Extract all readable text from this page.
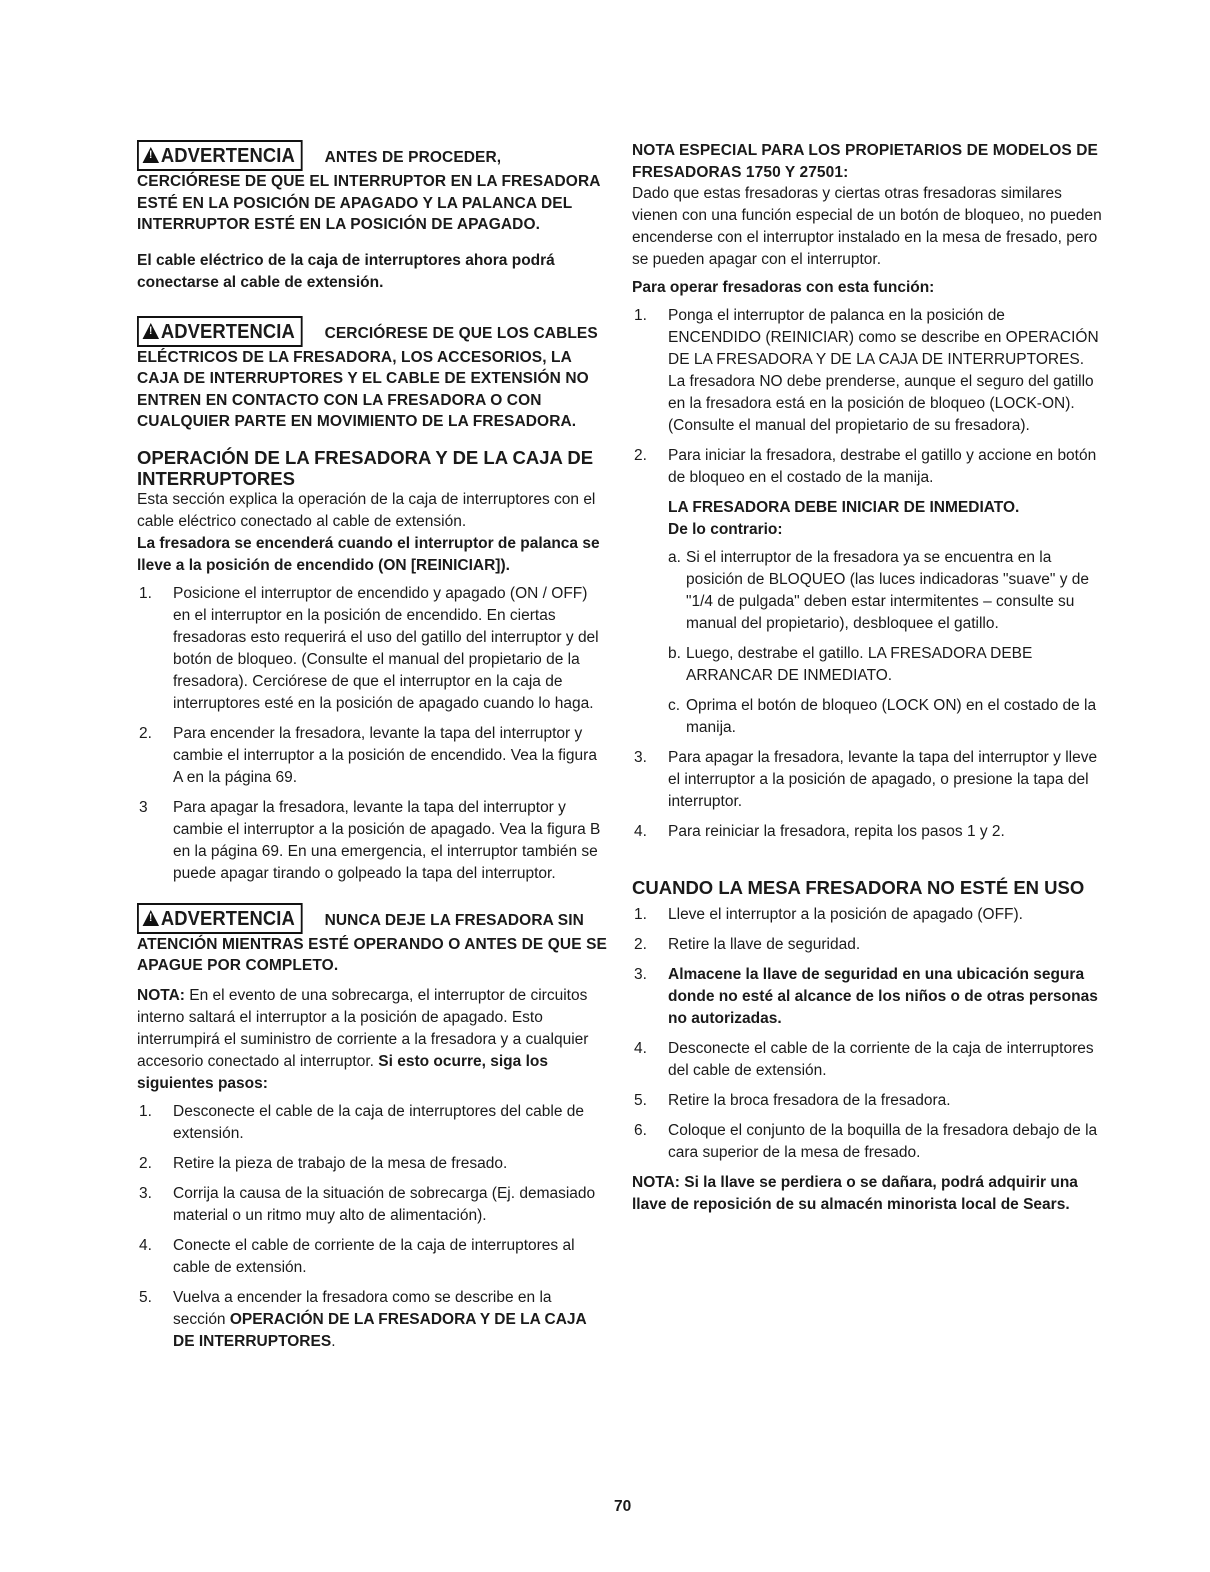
!ADVERTENCIA ANTES DE PROCEDER, CERCIÓRESE DE QUE EL INTERRUPTOR EN LA FRESADORA ESTÉ EN LA POSICIÓN DE APAGADO Y LA PALANCA DEL INTERRUPTOR ESTÉ EN LA POSICIÓN DE APAGADO.

El cable eléctrico de la caja de interruptores ahora podrá conectarse al cable de extensión.

!ADVERTENCIA CERCIÓRESE DE QUE LOS CABLES ELÉCTRICOS DE LA FRESADORA, LOS ACCESORIOS, LA CAJA DE INTERRUPTORES Y EL CABLE DE EXTENSIÓN NO ENTREN EN CONTACTO CON LA FRESADORA O CON CUALQUIER PARTE EN MOVIMIENTO DE LA FRESADORA.

OPERACIÓN DE LA FRESADORA Y DE LA CAJA DE INTERRUPTORES

Esta sección explica la operación de la caja de interruptores con el cable eléctrico conectado al cable de extensión.

La fresadora se encenderá cuando el interruptor de palanca se lleve a la posición de encendido (ON [REINICIAR]).

1. Posicione el interruptor de encendido y apagado (ON / OFF) en el interruptor en la posición de encendido. En ciertas fresadoras esto requerirá el uso del gatillo del interruptor y del botón de bloqueo. (Consulte el manual del propietario de la fresadora). Cerciórese de que el interruptor en la caja de interruptores esté en la posición de apagado cuando lo haga.
2. Para encender la fresadora, levante la tapa del interruptor y cambie el interruptor a la posición de encendido. Vea la figura A en la página 69.
3 Para apagar la fresadora, levante la tapa del interruptor y cambie el interruptor a la posición de apagado. Vea la figura B en la página 69. En una emergencia, el interruptor también se puede apagar tirando o golpeado la tapa del interruptor.

!ADVERTENCIA NUNCA DEJE LA FRESADORA SIN ATENCIÓN MIENTRAS ESTÉ OPERANDO O ANTES DE QUE SE APAGUE POR COMPLETO.

NOTA: En el evento de una sobrecarga, el interruptor de circuitos interno saltará el interruptor a la posición de apagado. Esto interrumpirá el suministro de corriente a la fresadora y a cualquier accesorio conectado al interruptor. Si esto ocurre, siga los siguientes pasos:

1. Desconecte el cable de la caja de interruptores del cable de extensión.
2. Retire la pieza de trabajo de la mesa de fresado.
3. Corrija la causa de la situación de sobrecarga (Ej. demasiado material o un ritmo muy alto de alimentación).
4. Conecte el cable de corriente de la caja de interruptores al cable de extensión.
5. Vuelva a encender la fresadora como se describe en la sección OPERACIÓN DE LA FRESADORA Y DE LA CAJA DE INTERRUPTORES.

NOTA ESPECIAL PARA LOS PROPIETARIOS DE MODELOS DE FRESADORAS 1750 Y 27501:

Dado que estas fresadoras y ciertas otras fresadoras similares vienen con una función especial de un botón de bloqueo, no pueden encenderse con el interruptor instalado en la mesa de fresado, pero se pueden apagar con el interruptor.

Para operar fresadoras con esta función:

1. Ponga el interruptor de palanca en la posición de ENCENDIDO (REINICIAR) como se describe en OPERACIÓN DE LA FRESADORA Y DE LA CAJA DE INTERRUPTORES. La fresadora NO debe prenderse, aunque el seguro del gatillo en la fresadora está en la posición de bloqueo (LOCK-ON). (Consulte el manual del propietario de su fresadora).
2. Para iniciar la fresadora, destrabe el gatillo y accione en botón de bloqueo en el costado de la manija.

LA FRESADORA DEBE INICIAR DE INMEDIATO.

De lo contrario:

a. Si el interruptor de la fresadora ya se encuentra en la posición de BLOQUEO (las luces indicadoras "suave" y de "1/4 de pulgada" deben estar intermitentes – consulte su manual del propietario), desbloquee el gatillo.
b. Luego, destrabe el gatillo. LA FRESADORA DEBE ARRANCAR DE INMEDIATO.
c. Oprima el botón de bloqueo (LOCK ON) en el costado de la manija.
3. Para apagar la fresadora, levante la tapa del interruptor y lleve el interruptor a la posición de apagado, o presione la tapa del interruptor.
4. Para reiniciar la fresadora, repita los pasos 1 y 2.

CUANDO LA MESA FRESADORA NO ESTÉ EN USO

1. Lleve el interruptor a la posición de apagado (OFF).
2. Retire la llave de seguridad.
3. Almacene la llave de seguridad en una ubicación segura donde no esté al alcance de los niños o de otras personas no autorizadas.
4. Desconecte el cable de la corriente de la caja de interruptores del cable de extensión.
5. Retire la broca fresadora de la fresadora.
6. Coloque el conjunto de la boquilla de la fresadora debajo de la cara superior de la mesa de fresado.

NOTA: Si la llave se perdiera o se dañara, podrá adquirir una llave de reposición de su almacén minorista local de Sears.

70
